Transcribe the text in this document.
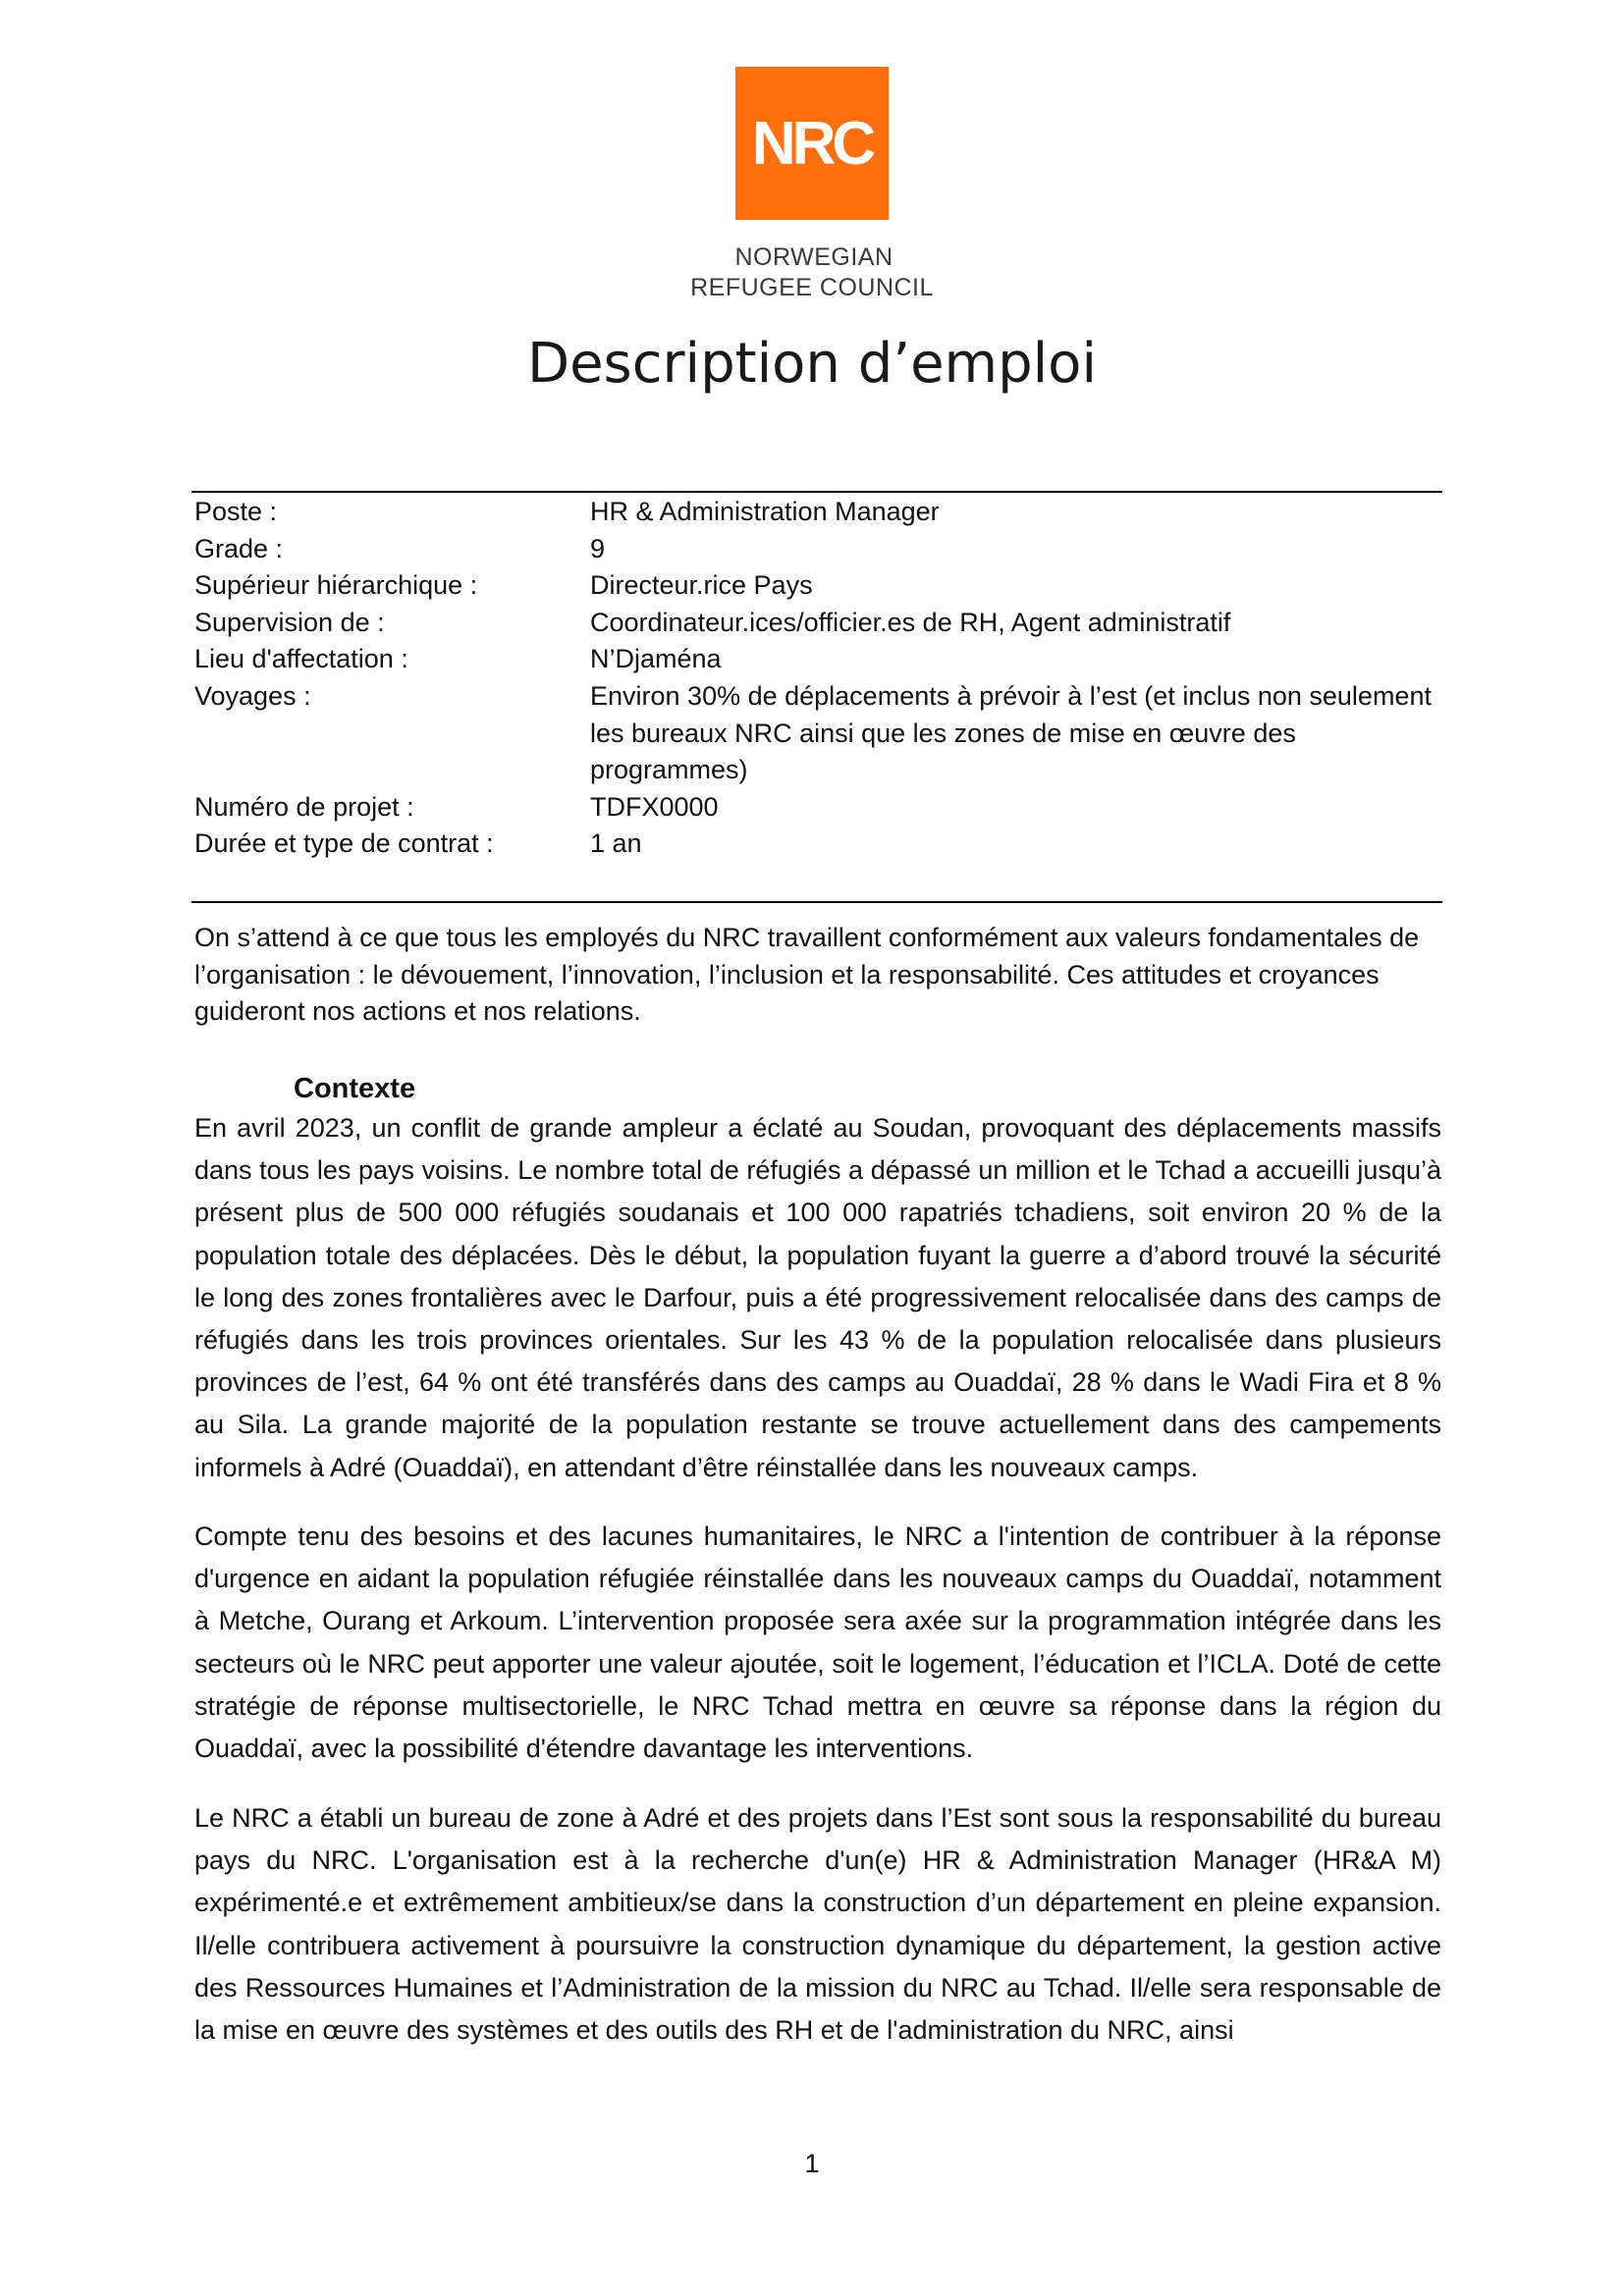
NRC
NORWEGIAN
REFUGEE COUNCIL
Description d’emploi
Poste :	HR & Administration Manager
Grade :	9
Supérieur hiérarchique :	Directeur.rice Pays
Supervision de :	Coordinateur.ices/officier.es de RH, Agent administratif
Lieu d'affectation :	N’Djaména
Voyages :	Environ 30% de déplacements à prévoir à l’est (et inclus non seulement les bureaux NRC ainsi que les zones de mise en œuvre des programmes)
Numéro de projet :	TDFX0000
Durée et type de contrat :	1 an

On s’attend à ce que tous les employés du NRC travaillent conformément aux valeurs fondamentales de l’organisation : le dévouement, l’innovation, l’inclusion et la responsabilité. Ces attitudes et croyances guideront nos actions et nos relations.

Contexte

En avril 2023, un conflit de grande ampleur a éclaté au Soudan, provoquant des déplacements massifs dans tous les pays voisins. Le nombre total de réfugiés a dépassé un million et le Tchad a accueilli jusqu’à présent plus de 500 000 réfugiés soudanais et 100 000 rapatriés tchadiens, soit environ 20 % de la population totale des déplacées. Dès le début, la population fuyant la guerre a d’abord trouvé la sécurité le long des zones frontalières avec le Darfour, puis a été progressivement relocalisée dans des camps de réfugiés dans les trois provinces orientales. Sur les 43 % de la population relocalisée dans plusieurs provinces de l’est, 64 % ont été transférés dans des camps au Ouaddaï, 28 % dans le Wadi Fira et 8 % au Sila. La grande majorité de la population restante se trouve actuellement dans des campements informels à Adré (Ouaddaï), en attendant d’être réinstallée dans les nouveaux camps.

Compte tenu des besoins et des lacunes humanitaires, le NRC a l'intention de contribuer à la réponse d'urgence en aidant la population réfugiée réinstallée dans les nouveaux camps du Ouaddaï, notamment à Metche, Ourang et Arkoum. L’intervention proposée sera axée sur la programmation intégrée dans les secteurs où le NRC peut apporter une valeur ajoutée, soit le logement, l’éducation et l’ICLA. Doté de cette stratégie de réponse multisectorielle, le NRC Tchad mettra en œuvre sa réponse dans la région du Ouaddaï, avec la possibilité d'étendre davantage les interventions.

Le NRC a établi un bureau de zone à Adré et des projets dans l’Est sont sous la responsabilité du bureau pays du NRC. L'organisation est à la recherche d'un(e) HR & Administration Manager (HR&A M) expérimenté.e et extrêmement ambitieux/se dans la construction d’un département en pleine expansion. Il/elle contribuera activement à poursuivre la construction dynamique du département, la gestion active des Ressources Humaines et l’Administration de la mission du NRC au Tchad. Il/elle sera responsable de la mise en œuvre des systèmes et des outils des RH et de l'administration du NRC, ainsi

1
